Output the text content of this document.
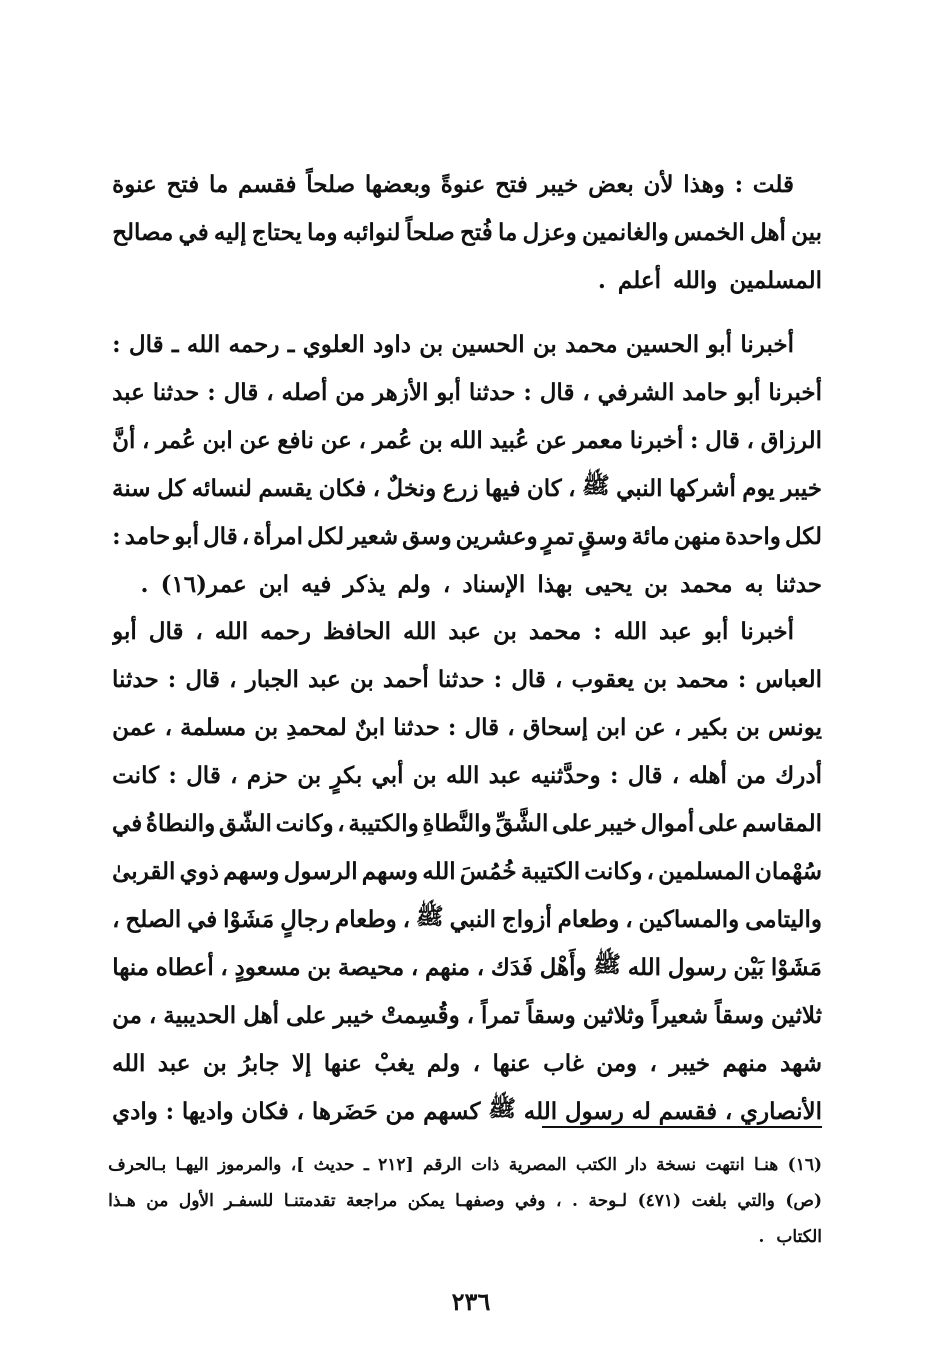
قلت
:
وهذا
لأن
بعض
خيبر
فتح
عنوةً
وبعضها
صلحاً
فقسم
ما
فتح
عنوة
بين
أهل
الخمس
والغانمين
وعزل
ما
فُتح
صلحاً
لنوائبه
وما
يحتاج
إليه
في
مصالح
المسلمين
والله
أعلم
.
أخبرنا
أبو
الحسين
محمد
بن
الحسين
بن
داود
العلوي
ـ
رحمه
الله
ـ
قال
:
أخبرنا
أبو
حامد
الشرفي
،
قال
:
حدثنا
أبو
الأزهر
من
أصله
،
قال
:
حدثنا
عبد
الرزاق
،
قال
:
أخبرنا
معمر
عن
عُبيد
الله
بن
عُمر
،
عن
نافع
عن
ابن
عُمر
،
أنَّ
خيبر
يوم
أشركها
النبي
ﷺ
،
كان
فيها
زرع
ونخلٌ
،
فكان
يقسم
لنسائه
كل
سنة
لكل
واحدة
منهن
مائة
وسقٍ
تمرٍ
وعشرين
وسق
شعير
لكل
امرأة
،
قال
أبو
حامد
:
حدثنا
به
محمد
بن
يحيى
بهذا
الإسناد
،
ولم
يذكر
فيه
ابن
عمر(١٦)
.
أخبرنا
أبو
عبد
الله
:
محمد
بن
عبد
الله
الحافظ
رحمه
الله
،
قال
أبو
العباس
:
محمد
بن
يعقوب
،
قال
:
حدثنا
أحمد
بن
عبد
الجبار
،
قال
:
حدثنا
يونس
بن
بكير
،
عن
ابن
إسحاق
،
قال
:
حدثنا
ابنٌ
لمحمدِ
بن
مسلمة
،
عمن
أدرك
من
أهله
،
قال
:
وحدَّثنيه
عبد
الله
بن
أبي
بكرٍ
بن
حزم
،
قال
:
كانت
المقاسم
على
أموال
خيبر
على
الشَّقِّ
والنَّطاةِ
والكتيبة
،
وكانت
الشّق
والنطاةُ
في
سُهْمان
المسلمين
،
وكانت
الكتيبة
خُمُسَ
الله
وسهم
الرسول
وسهم
ذوي
القربىٰ
واليتامى
والمساكين
،
وطعام
أزواج
النبي
ﷺ
،
وطعام
رجالٍ
مَشَوْا
في
الصلح
،
مَشَوْا
بَيْن
رسول
الله
ﷺ
وأَهْل
فَدَك
،
منهم
،
محيصة
بن
مسعودٍ
،
أعطاه
منها
ثلاثين
وسقاً
شعيراً
وثلاثين
وسقاً
تمراً
،
وقُسِمتْ
خيبر
على
أهل
الحديبية
،
من
شهد
منهم
خيبر
،
ومن
غاب
عنها
،
ولم
يغبْ
عنها
إلا
جابرُ
بن
عبد
الله
الأنصاري
،
فقسم
له
رسول
الله
ﷺ
كسهم
من
حَضَرها
،
فكان
واديها
:
وادي
(١٦)
هنـا
انتهت
نسخة
دار
الكتب
المصرية
ذات
الرقم
[٢١٢
ـ
حديث
]،
والمرموز
اليهـا
بـالحرف
(ص)
والتي
بلغت
(٤٧١)
لـوحة
.
،
وفي
وصفهـا
يمكن
مراجعة
تقدمتنـا
للسفـر
الأول
من
هـذا
الكتاب
.
٢٣٦
